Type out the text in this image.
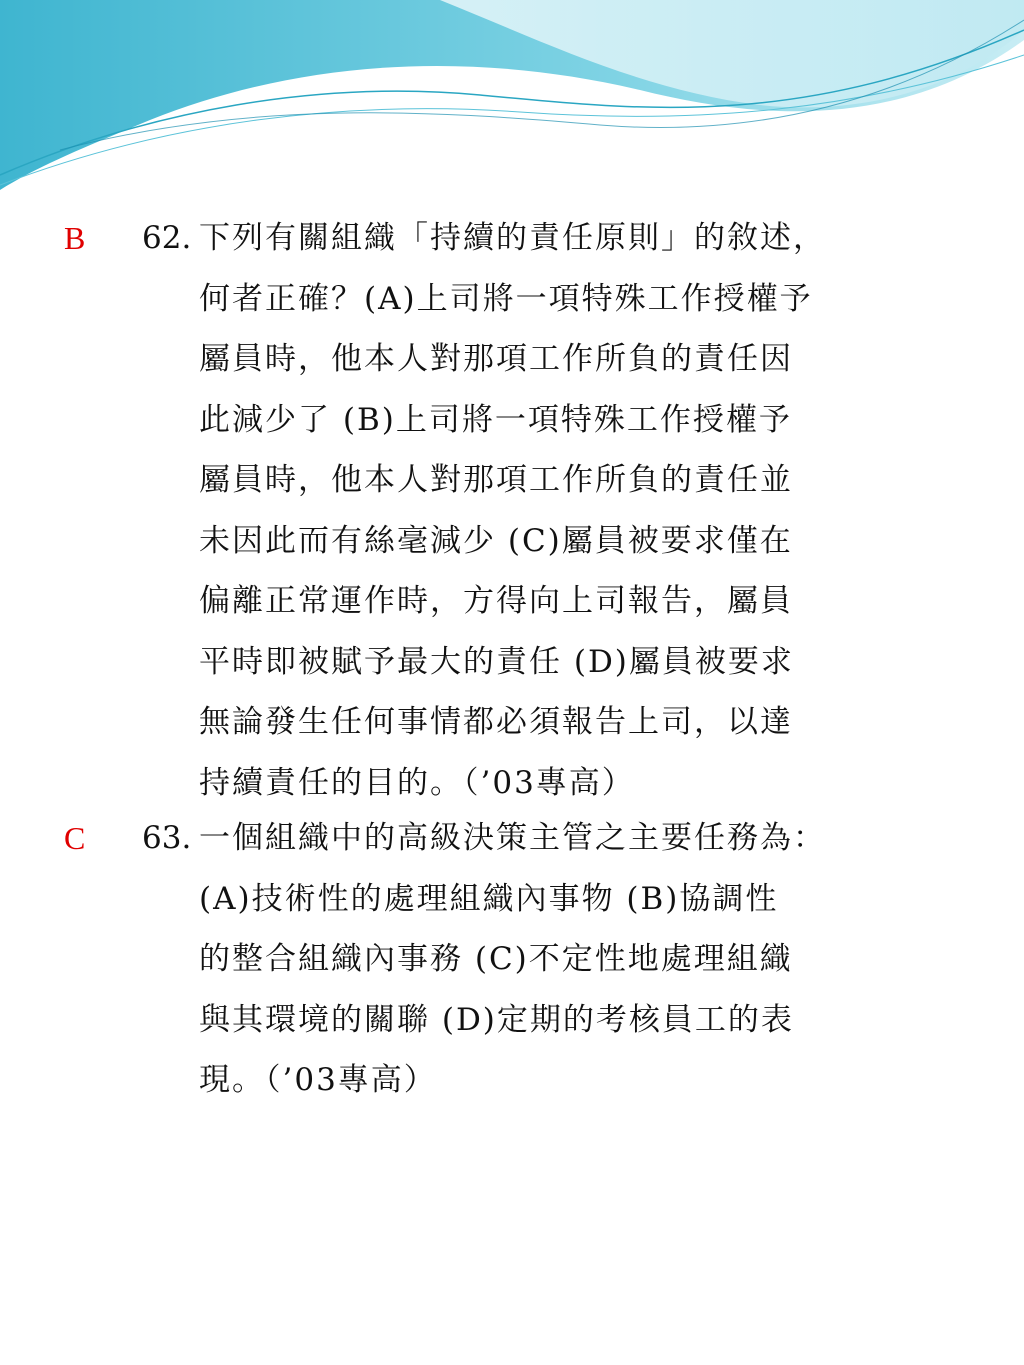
B 62. 下列有關組織「持續的責任原則」的敘述，
何者正確？(A)上司將一項特殊工作授權予
屬員時，他本人對那項工作所負的責任因
此減少了 (B)上司將一項特殊工作授權予
屬員時，他本人對那項工作所負的責任並
未因此而有絲毫減少 (C)屬員被要求僅在
偏離正常運作時，方得向上司報告，屬員
平時即被賦予最大的責任 (D)屬員被要求
無論發生任何事情都必須報告上司，以達
持續責任的目的。（’03專高）
C 63. 一個組織中的高級決策主管之主要任務為：
(A)技術性的處理組織內事物 (B)協調性
的整合組織內事務 (C)不定性地處理組織
與其環境的關聯 (D)定期的考核員工的表
現。（’03專高）
